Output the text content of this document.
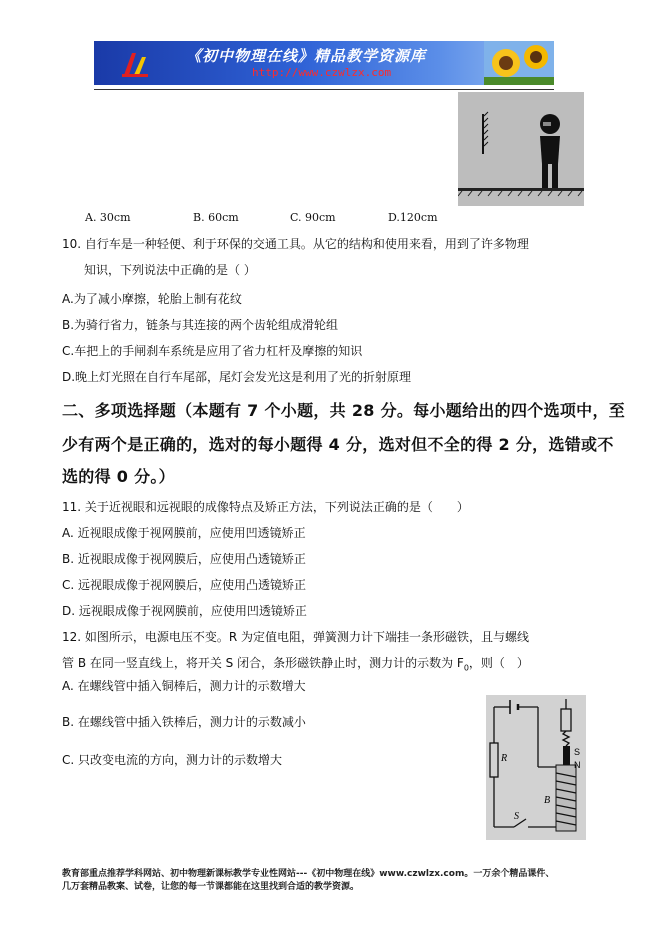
《初中物理在线》精品教学资源库
http://www.czwlzx.com
A. 30cm	B. 60cm	C. 90cm	D.120cm
10. 自行车是一种轻便、利于环保的交通工具。从它的结构和使用来看，用到了许多物理
知识，下列说法中正确的是（ ）
A.为了减小摩擦，轮胎上制有花纹
B.为骑行省力，链条与其连接的两个齿轮组成滑轮组
C.车把上的手闸刹车系统是应用了省力杠杆及摩擦的知识
D.晚上灯光照在自行车尾部，尾灯会发光这是利用了光的折射原理
二、多项选择题（本题有 7 个小题，共 28 分。每小题给出的四个选项中，至
少有两个是正确的，选对的每小题得 4 分，选对但不全的得 2 分，选错或不
选的得 0 分。）
11. 关于近视眼和远视眼的成像特点及矫正方法，下列说法正确的是（　　）
A. 近视眼成像于视网膜前，应使用凹透镜矫正
B. 近视眼成像于视网膜后，应使用凸透镜矫正
C. 远视眼成像于视网膜后，应使用凸透镜矫正
D. 远视眼成像于视网膜前，应使用凹透镜矫正
12. 如图所示，电源电压不变。R 为定值电阻，弹簧测力计下端挂一条形磁铁，且与螺线
管 B 在同一竖直线上，将开关 S 闭合，条形磁铁静止时，测力计的示数为 $F_0$，则（　）
A. 在螺线管中插入铜棒后，测力计的示数增大
B. 在螺线管中插入铁棒后，测力计的示数减小
C. 只改变电流的方向，测力计的示数增大	R
B
S
S
N
教育部重点推荐学科网站、初中物理新课标教学专业性网站---《初中物理在线》www.czwlzx.com。一万余个精品课件、
几万套精品教案、试卷，让您的每一节课都能在这里找到合适的教学资源。
